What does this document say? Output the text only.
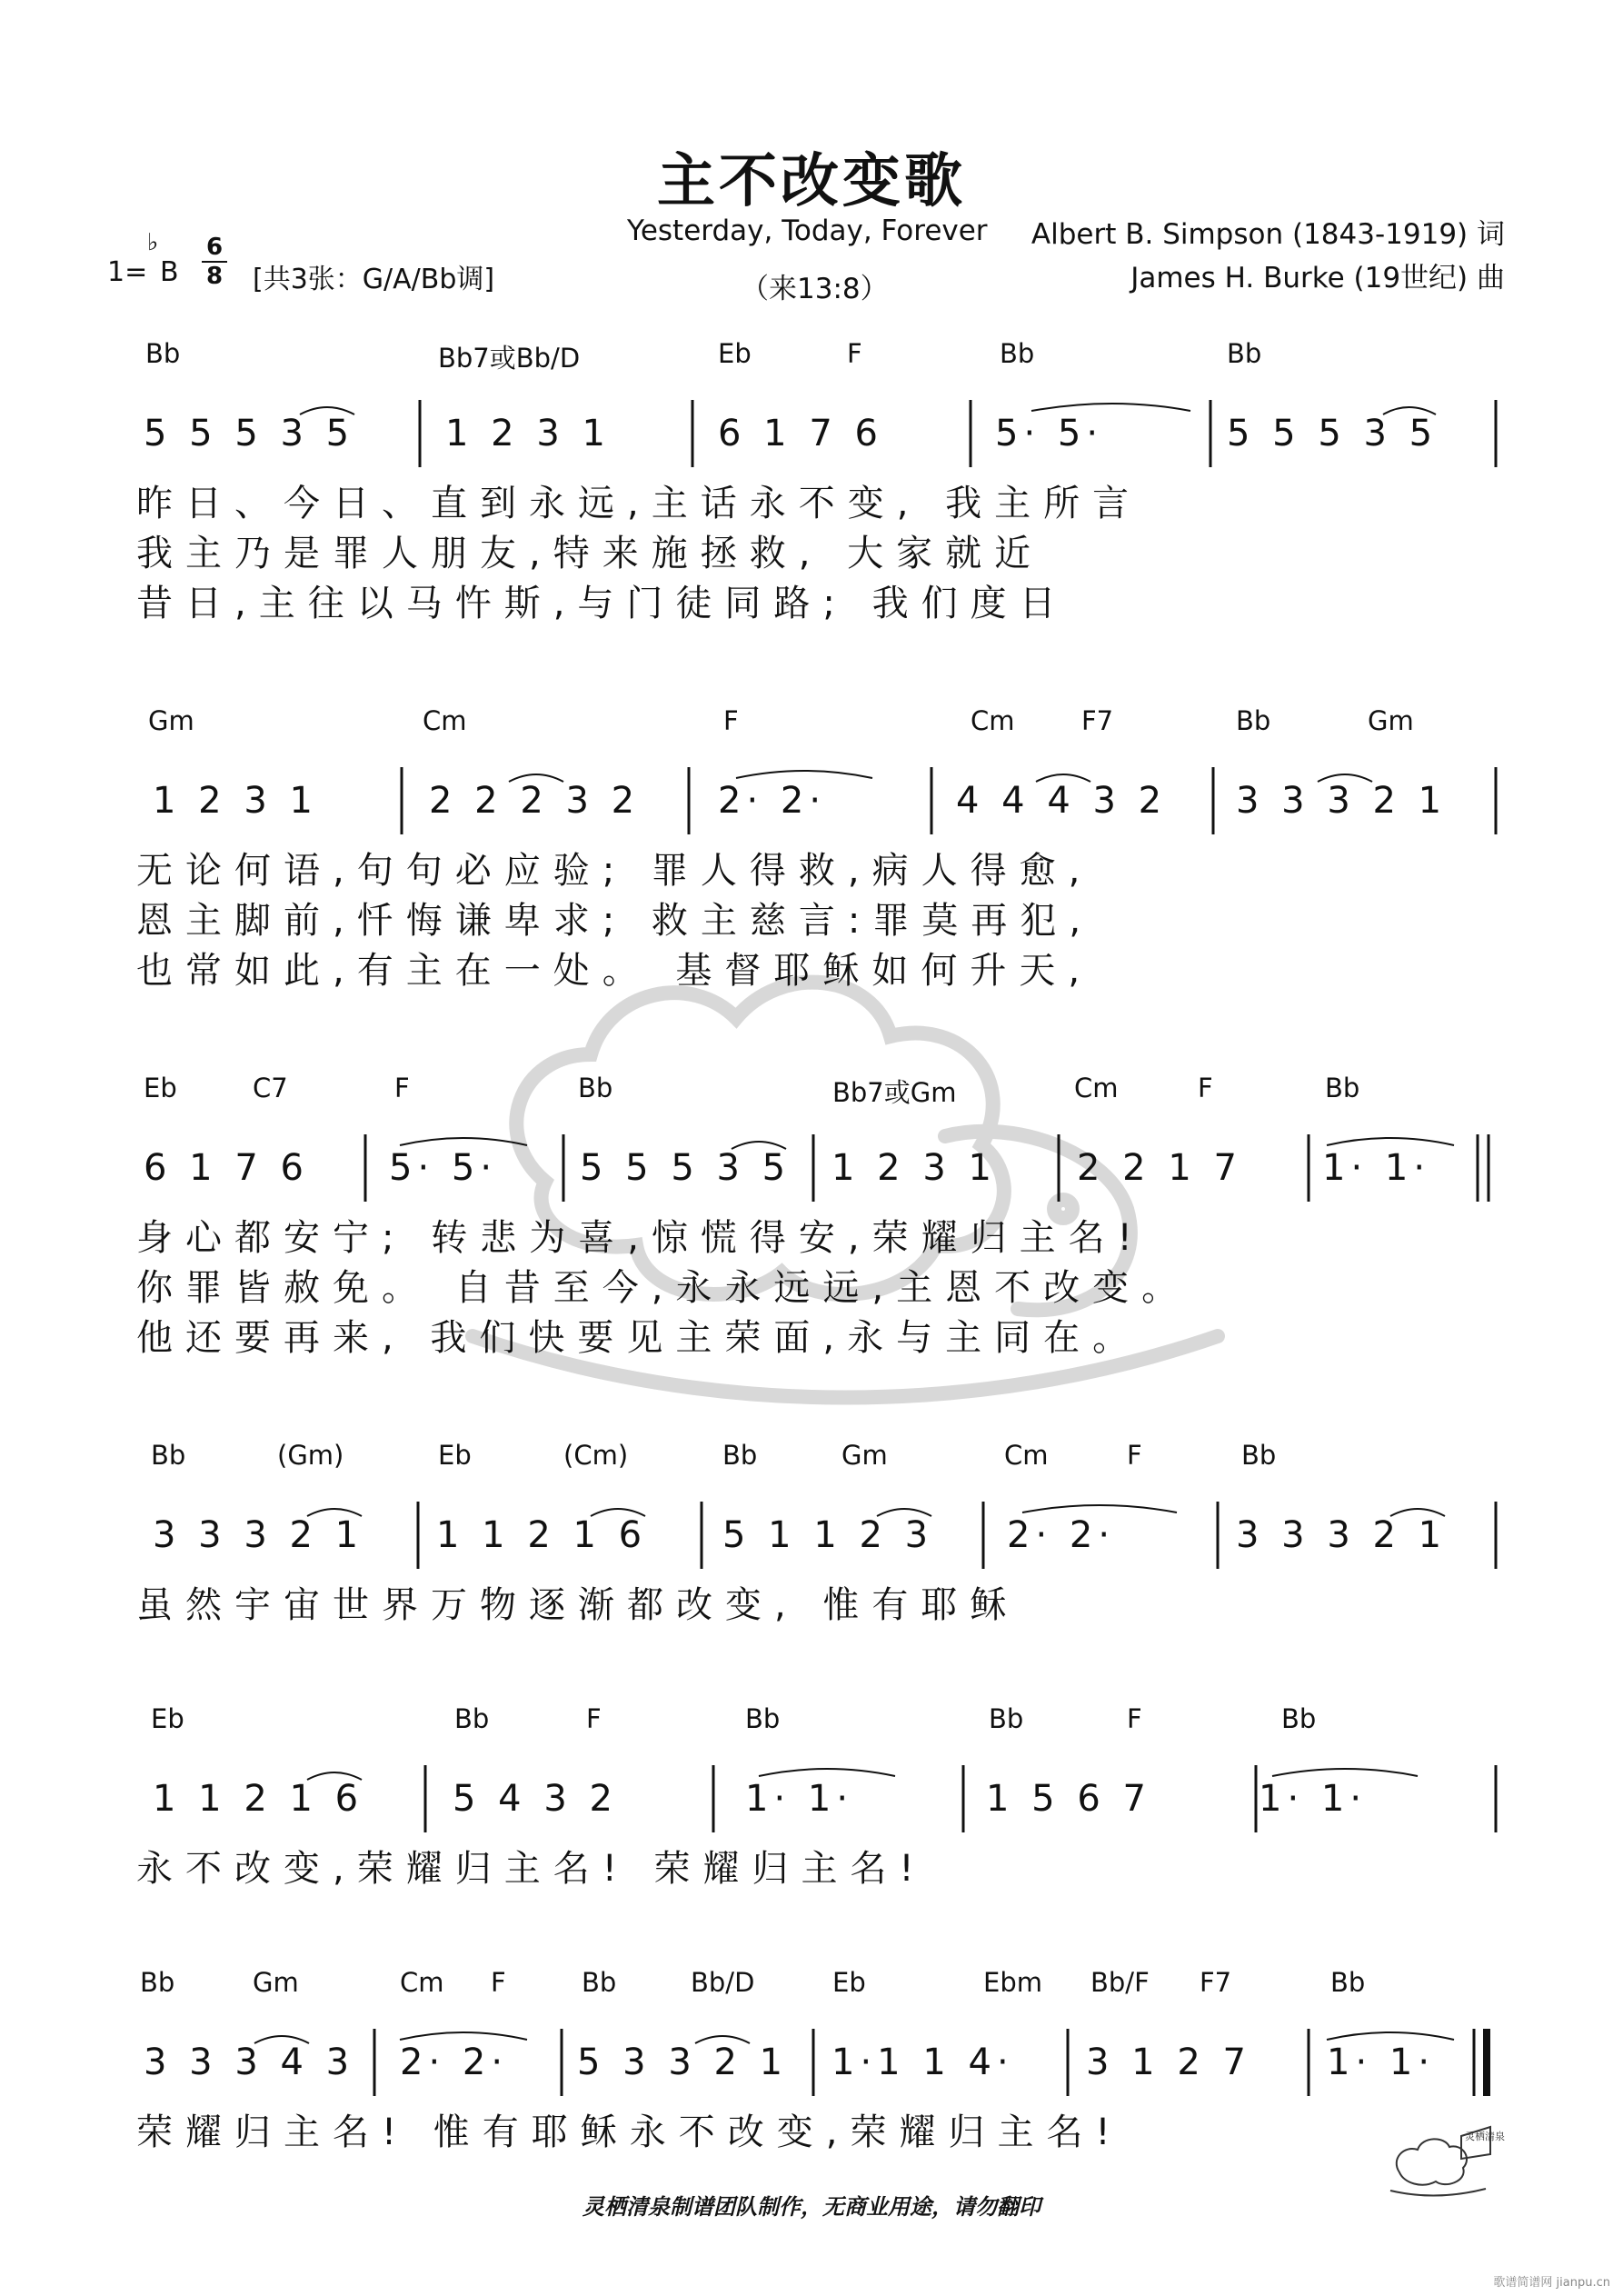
主不改变歌
Yesterday, Today, Forever
（来13:8）
Albert B. Simpson (1843-1919) 词
James H. Burke (19世纪) 曲
1=
♭
B
6
8 [共3张：G/A/Bb调]
Bb	Bb7或Bb/D	Eb	F	Bb	Bb
5 5 5 3 5 1 2 3 1	6 1 7 6	5· 5·	5 5 5 3 5
昨日、今日、直到永远,主话永不变, 我主所言
我主乃是罪人朋友,特来施拯救, 大家就近
昔日,主往以马忤斯,与门徒同路; 我们度日
Gm	Cm	F	Cm	F7	Bb	Gm
1 2 3 1	2 2 2 3 2 2· 2·	4 4 4 3 2 3 3 3 2 1
无论何语,句句必应验; 罪人得救,病人得愈,
恩主脚前,忏悔谦卑求; 救主慈言:罪莫再犯,
也常如此,有主在一处。 基督耶稣如何升天,
Eb	C7	F	Bb	Bb7或Gm	Cm	F	Bb
6 1 7 6 5· 5· 5 5 5 3 5 1 2 3 1 2 2 1 7 1· 1·
身心都安宁; 转悲为喜,惊慌得安,荣耀归主名!
你罪皆赦免。 自昔至今,永永远远,主恩不改变。
他还要再来, 我们快要见主荣面,永与主同在。
Bb	(Gm)	Eb	(Cm)	Bb	Gm	Cm	F	Bb
3 3 3 2 1 1 1 2 1 6 5 1 1 2 3 2· 2·	3 3 3 2 1
虽然宇宙世界万物逐渐都改变, 惟有耶稣
Eb	Bb	F	Bb	Bb	F	Bb
1 1 2 1 6 5 4 3 2	1· 1·	1 5 6 7	1· 1·
永不改变,荣耀归主名! 荣耀归主名!
Bb	Gm	Cm F	Bb	Bb/D	Eb	Ebm Bb/F F7	Bb
3 3 3 4 3 2· 2· 5 3 3 2 1 1·1 1 4· 3 1 2 7 1· 1·
荣耀归主名! 惟有耶稣永不改变,荣耀归主名!
灵栖清泉制谱团队制作，无商业用途，请勿翻印
灵栖清泉
歌谱简谱网 jianpu.cn
